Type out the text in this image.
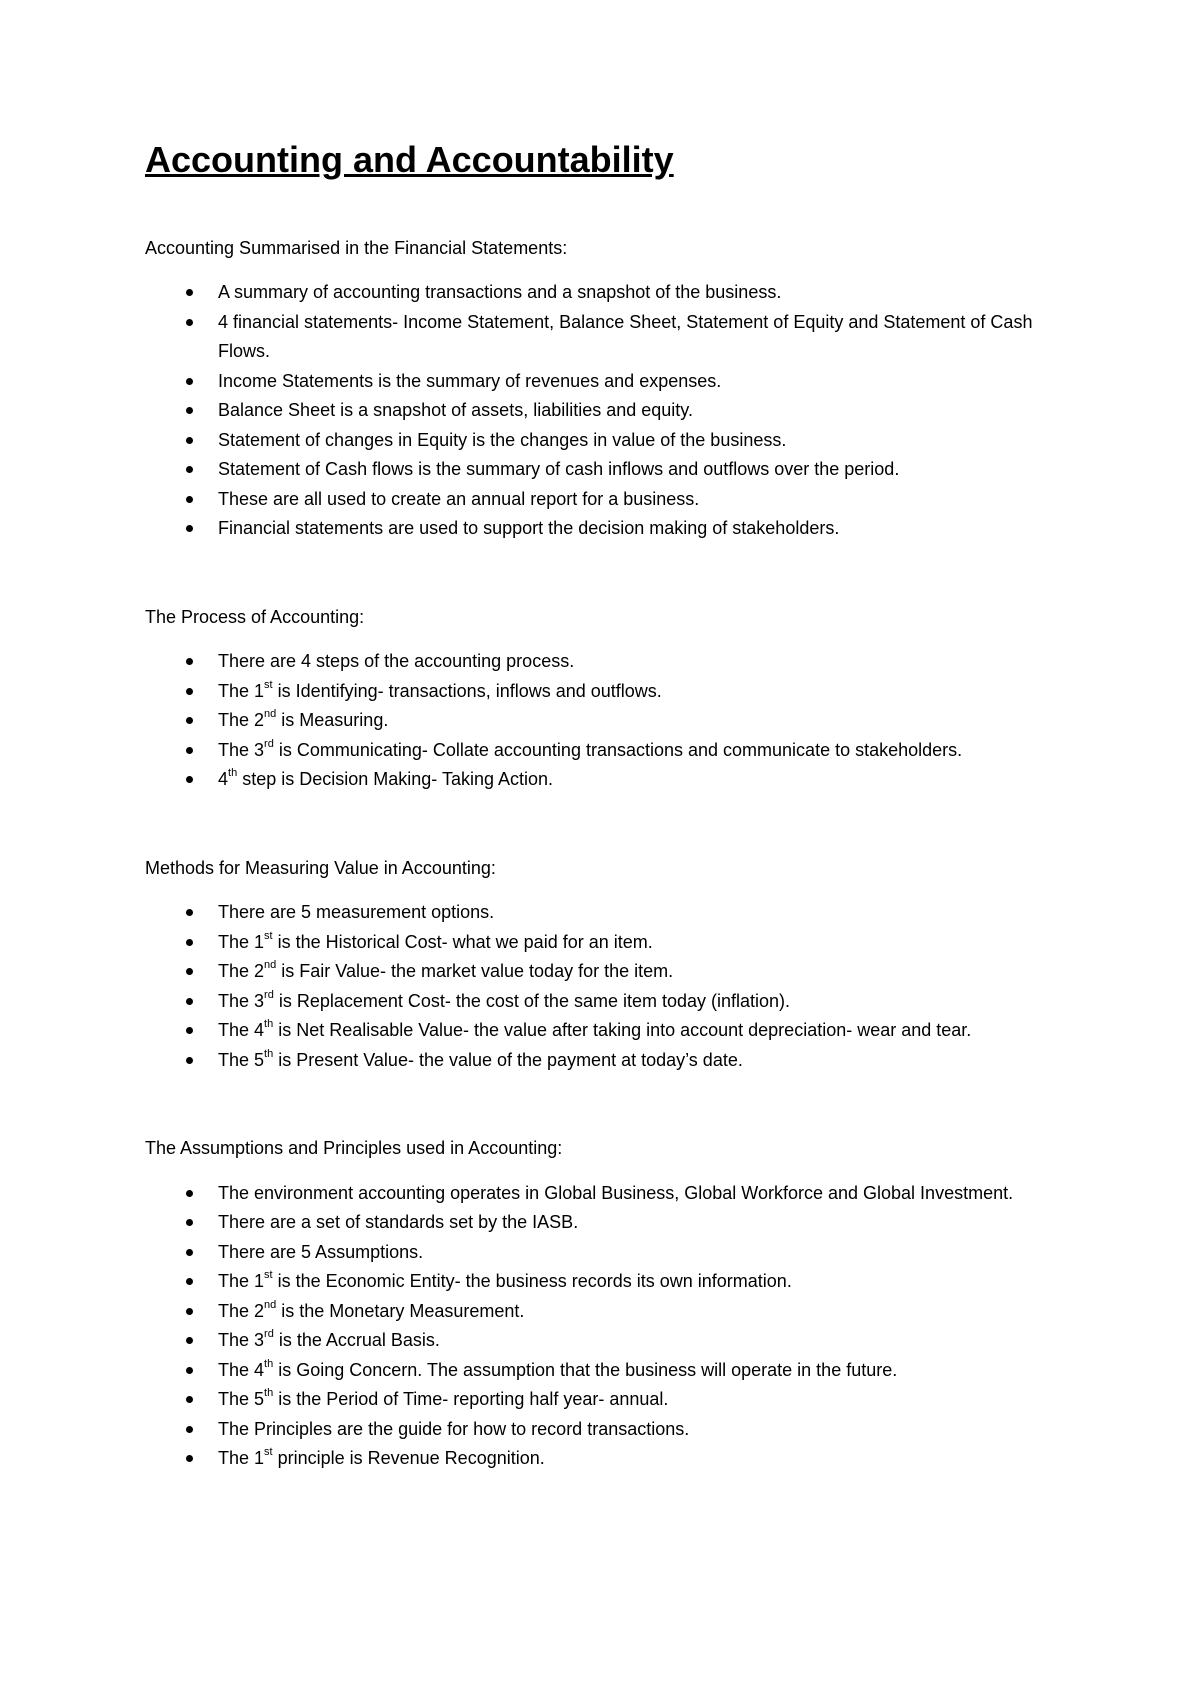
Accounting and Accountability
Accounting Summarised in the Financial Statements:
A summary of accounting transactions and a snapshot of the business.
4 financial statements- Income Statement, Balance Sheet, Statement of Equity and Statement of Cash Flows.
Income Statements is the summary of revenues and expenses.
Balance Sheet is a snapshot of assets, liabilities and equity.
Statement of changes in Equity is the changes in value of the business.
Statement of Cash flows is the summary of cash inflows and outflows over the period.
These are all used to create an annual report for a business.
Financial statements are used to support the decision making of stakeholders.
The Process of Accounting:
There are 4 steps of the accounting process.
The 1st is Identifying- transactions, inflows and outflows.
The 2nd is Measuring.
The 3rd is Communicating- Collate accounting transactions and communicate to stakeholders.
4th step is Decision Making- Taking Action.
Methods for Measuring Value in Accounting:
There are 5 measurement options.
The 1st is the Historical Cost- what we paid for an item.
The 2nd is Fair Value- the market value today for the item.
The 3rd is Replacement Cost- the cost of the same item today (inflation).
The 4th is Net Realisable Value- the value after taking into account depreciation- wear and tear.
The 5th is Present Value- the value of the payment at today’s date.
The Assumptions and Principles used in Accounting:
The environment accounting operates in Global Business, Global Workforce and Global Investment.
There are a set of standards set by the IASB.
There are 5 Assumptions.
The 1st is the Economic Entity- the business records its own information.
The 2nd is the Monetary Measurement.
The 3rd is the Accrual Basis.
The 4th is Going Concern. The assumption that the business will operate in the future.
The 5th is the Period of Time- reporting half year- annual.
The Principles are the guide for how to record transactions.
The 1st principle is Revenue Recognition.
